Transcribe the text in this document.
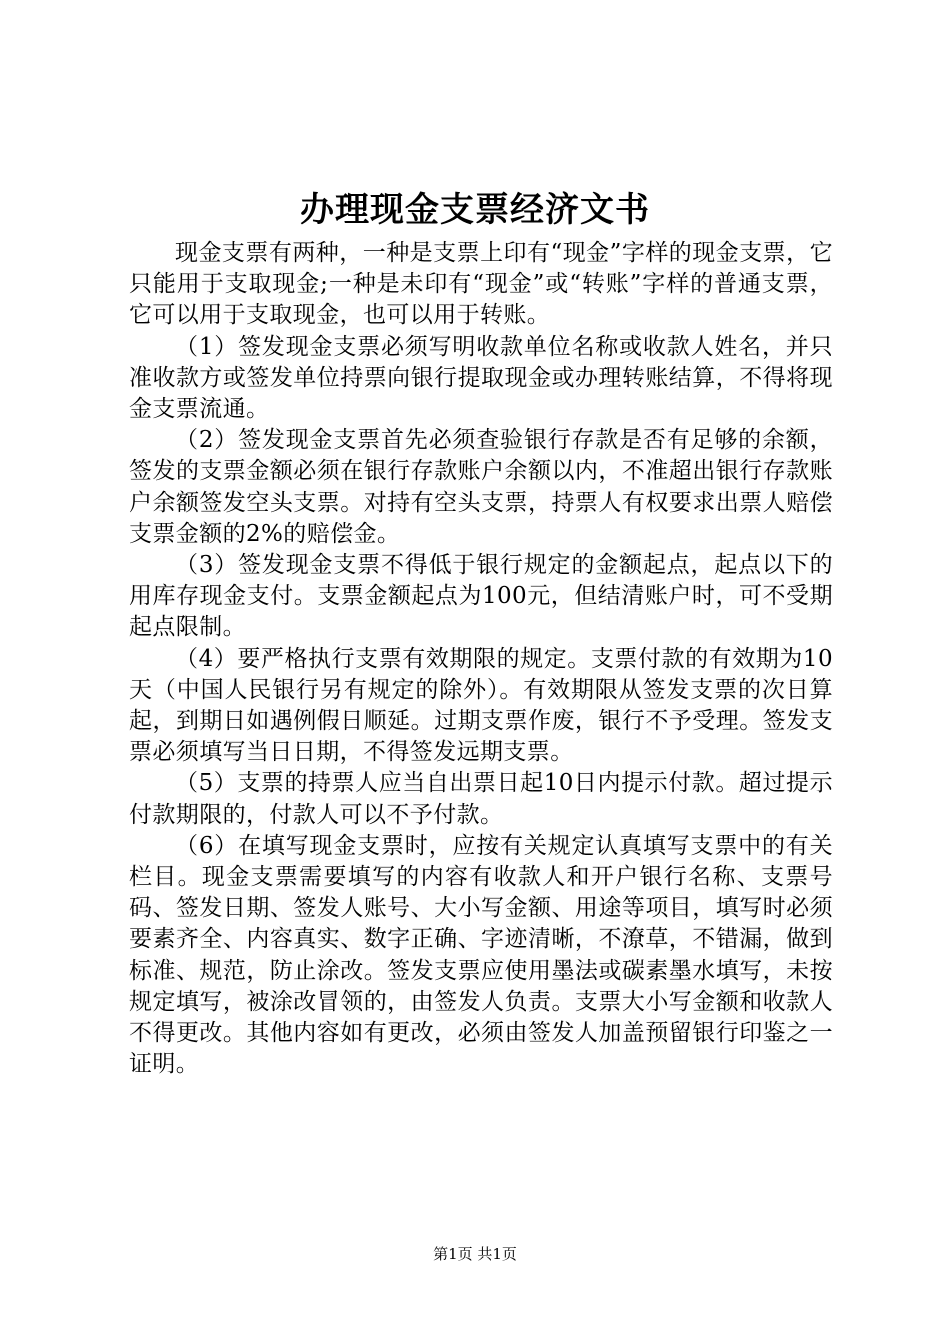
办理现金支票经济文书

现金支票有两种，一种是支票上印有“现金”字样的现金支票，它只能用于支取现金;一种是未印有“现金”或“转账”字样的普通支票，它可以用于支取现金，也可以用于转账。

（1）签发现金支票必须写明收款单位名称或收款人姓名，并只准收款方或签发单位持票向银行提取现金或办理转账结算，不得将现金支票流通。

（2）签发现金支票首先必须查验银行存款是否有足够的余额，签发的支票金额必须在银行存款账户余额以内，不准超出银行存款账户余额签发空头支票。对持有空头支票，持票人有权要求出票人赔偿支票金额的2%的赔偿金。

（3）签发现金支票不得低于银行规定的金额起点，起点以下的用库存现金支付。支票金额起点为100元，但结清账户时，可不受期起点限制。

（4）要严格执行支票有效期限的规定。支票付款的有效期为10天（中国人民银行另有规定的除外）。有效期限从签发支票的次日算起，到期日如遇例假日顺延。过期支票作废，银行不予受理。签发支票必须填写当日日期，不得签发远期支票。

（5）支票的持票人应当自出票日起10日内提示付款。超过提示付款期限的，付款人可以不予付款。

（6）在填写现金支票时，应按有关规定认真填写支票中的有关栏目。现金支票需要填写的内容有收款人和开户银行名称、支票号码、签发日期、签发人账号、大小写金额、用途等项目，填写时必须要素齐全、内容真实、数字正确、字迹清晰，不潦草，不错漏，做到标准、规范，防止涂改。签发支票应使用墨法或碳素墨水填写，未按规定填写，被涂改冒领的，由签发人负责。支票大小写金额和收款人不得更改。其他内容如有更改，必须由签发人加盖预留银行印鉴之一证明。

第1页 共1页
